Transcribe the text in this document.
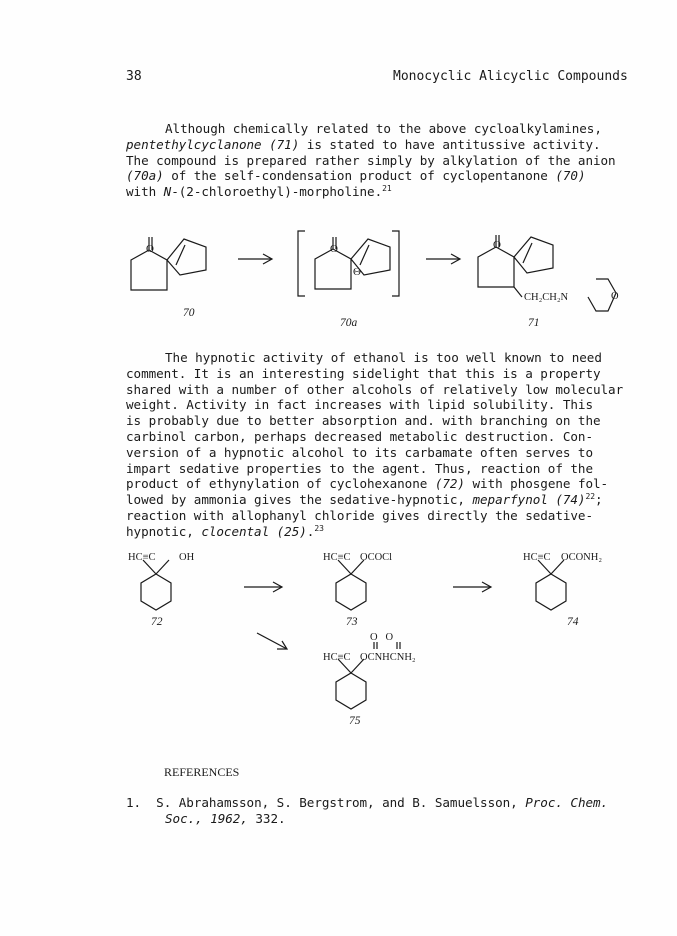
38	Monocyclic Alicyclic Compounds

Although chemically related to the above cycloalkylamines,

pentethylcyclanone (71) is stated to have antitussive activity.

The compound is prepared rather simply by alkylation of the anion

(70a) of the self-condensation product of cyclopentanone (70)

with N-(2-chloroethyl)-morpholine.$^{21}$

O	O
Θ
O
CH₂CH₂N	O
70
70a	71

The hypnotic activity of ethanol is too well known to need

comment. It is an interesting sidelight that this is a property

shared with a number of other alcohols of relatively low molecular

weight. Activity in fact increases with lipid solubility. This

is probably due to better absorption and. with branching on the

carbinol carbon, perhaps decreased metabolic destruction. Con-

version of a hypnotic alcohol to its carbamate often serves to

impart sedative properties to the agent. Thus, reaction of the

product of ethynylation of cyclohexanone (72) with phosgene fol-

lowed by ammonia gives the sedative-hypnotic, meparfynol $(74)^{22}$;

reaction with allophanyl chloride gives directly the sedative-

hypnotic, clocental (25).$^{23}$

HC≡C OH	HC≡C OCOCl	HC≡C OCONH₂
O   O
HC≡C OCNHCNH₂
72	73	74
75
REFERENCES

1. S. Abrahamsson, S. Bergstrom, and B. Samuelsson, Proc. Chem.

Soc., 1962, 332.
